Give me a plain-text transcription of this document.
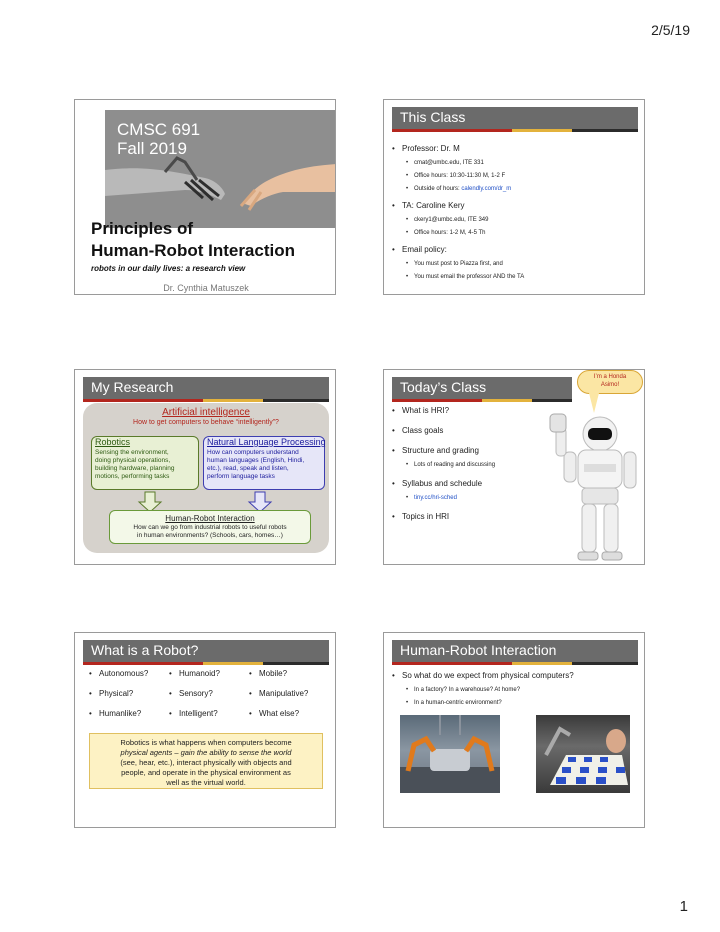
2/5/19
CMSC 691
Fall 2019
Principles of
Human-Robot Interaction
robots in our daily lives: a research view
Dr. Cynthia Matuszek
This Class
• Professor: Dr. M
• cmat@umbc.edu, ITE 331
• Office hours: 10:30-11:30 M, 1-2 F
• Outside of hours: calendly.com/dr_m
• TA: Caroline Kery
• ckery1@umbc.edu, ITE 349
• Office hours: 1-2 M, 4-5 Th
• Email policy:
• You must post to Piazza first, and
• You must email the professor AND the TA
My Research
Artificial intelligence
How to get computers to behave “intelligently”?
Robotics
Sensing the environment,
doing physical operations,
building hardware, planning
motions, performing tasks
Natural Language Processing
How can computers understand
human languages (English, Hindi,
etc.), read, speak and listen,
perform language tasks
Human-Robot Interaction
How can we go from industrial robots to useful robots
in human environments? (Schools, cars, homes…)
Today’s Class
• What is HRI?
• Class goals
• Structure and grading
• Lots of reading and discussing
• Syllabus and schedule
• tiny.cc/hri-sched
• Topics in HRI
I’m a Honda
Asimo!
What is a Robot?
• Autonomous?	• Humanoid?	• Mobile?
• Physical?	• Sensory?	• Manipulative?
• Humanlike?	• Intelligent?	• What else?
Robotics is what happens when computers become
physical agents – gain the ability to sense the world
(see, hear, etc.), interact physically with objects and
people, and operate in the physical environment as
well as the virtual world.
Human-Robot Interaction
• So what do we expect from physical computers?
• In a factory? In a warehouse? At home?
• In a human-centric environment?
1
